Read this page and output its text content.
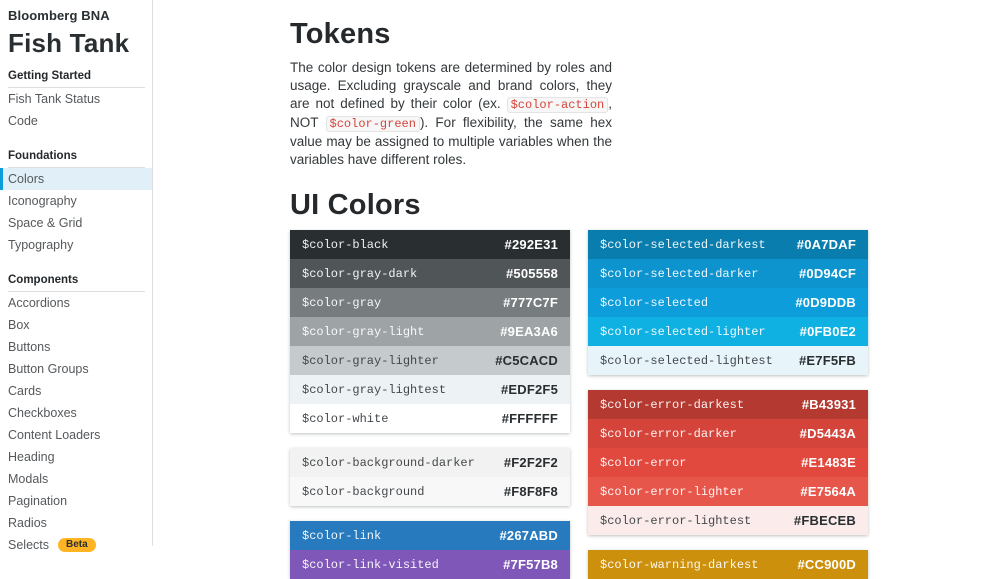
Bloomberg BNA
Fish Tank
Getting Started
Fish Tank Status
Code
Foundations
Colors
Iconography
Space & Grid
Typography
Components
Accordions
Box
Buttons
Button Groups
Cards
Checkboxes
Content Loaders
Heading
Modals
Pagination
Radios
Selects	Beta
Tokens

The color design tokens are determined by roles and usage. Excluding grayscale and brand colors, they are not defined by their color (ex. $color-action , NOT $color-green ). For flexibility, the same hex value may be assigned to multiple variables when the variables have different roles.

UI Colors
$color-black	#292E31
$color-gray-dark	#505558
$color-gray	#777C7F
$color-gray-light	#9EA3A6
$color-gray-lighter	#C5CACD
$color-gray-lightest	#EDF2F5
$color-white	#FFFFFF
$color-background-darker #F2F2F2
$color-background	#F8F8F8
$color-link	#267ABD
$color-link-visited	#7F57B8
$color-selected-darkest #0A7DAF
$color-selected-darker	#0D94CF
$color-selected	#0D9DDB
$color-selected-lighter	#0FB0E2
$color-selected-lightest #E7F5FB
$color-error-darkest	#B43931
$color-error-darker	#D5443A
$color-error	#E1483E
$color-error-lighter	#E7564A
$color-error-lightest	#FBECEB
$color-warning-darkest	#CC900D
